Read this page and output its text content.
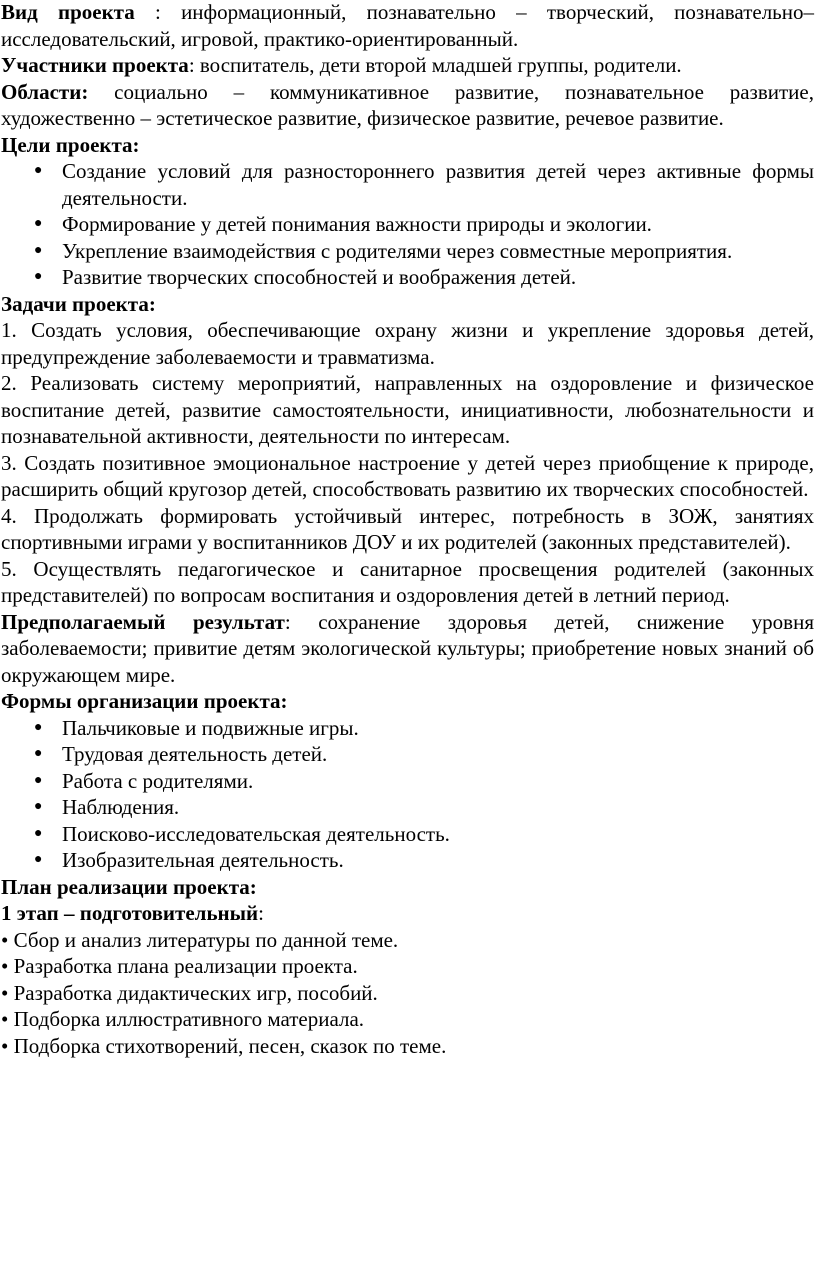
Вид проекта : информационный, познавательно – творческий, познавательно–исследовательский, игровой, практико-ориентированный.

Участники проекта: воспитатель, дети второй младшей группы, родители.

Области: социально – коммуникативное развитие, познавательное развитие, художественно – эстетическое развитие, физическое развитие, речевое развитие.

Цели проекта:

● Создание условий для разностороннего развития детей через активные формы деятельности.
● Формирование у детей понимания важности природы и экологии.
● Укрепление взаимодействия с родителями через совместные мероприятия.
● Развитие творческих способностей и воображения детей.

Задачи проекта:

1. Создать условия, обеспечивающие охрану жизни и укрепление здоровья детей, предупреждение заболеваемости и травматизма.

2. Реализовать систему мероприятий, направленных на оздоровление и физическое воспитание детей, развитие самостоятельности, инициативности, любознательности и познавательной активности, деятельности по интересам.

3. Создать позитивное эмоциональное настроение у детей через приобщение к природе, расширить общий кругозор детей, способствовать развитию их творческих способностей.

4. Продолжать формировать устойчивый интерес, потребность в ЗОЖ, занятиях спортивными играми у воспитанников ДОУ и их родителей (законных представителей).

5. Осуществлять педагогическое и санитарное просвещения родителей (законных представителей) по вопросам воспитания и оздоровления детей в летний период.

Предполагаемый результат: сохранение здоровья детей, снижение уровня заболеваемости; привитие детям экологической культуры; приобретение новых знаний об окружающем мире.

Формы организации проекта:

● Пальчиковые и подвижные игры.
● Трудовая деятельность детей.
● Работа с родителями.
● Наблюдения.
● Поисково-исследовательская деятельность.
● Изобразительная деятельность.

План реализации проекта:

1 этап – подготовительный:

• Сбор и анализ литературы по данной теме.

• Разработка плана реализации проекта.

• Разработка дидактических игр, пособий.

• Подборка иллюстративного материала.

• Подборка стихотворений, песен, сказок по теме.
